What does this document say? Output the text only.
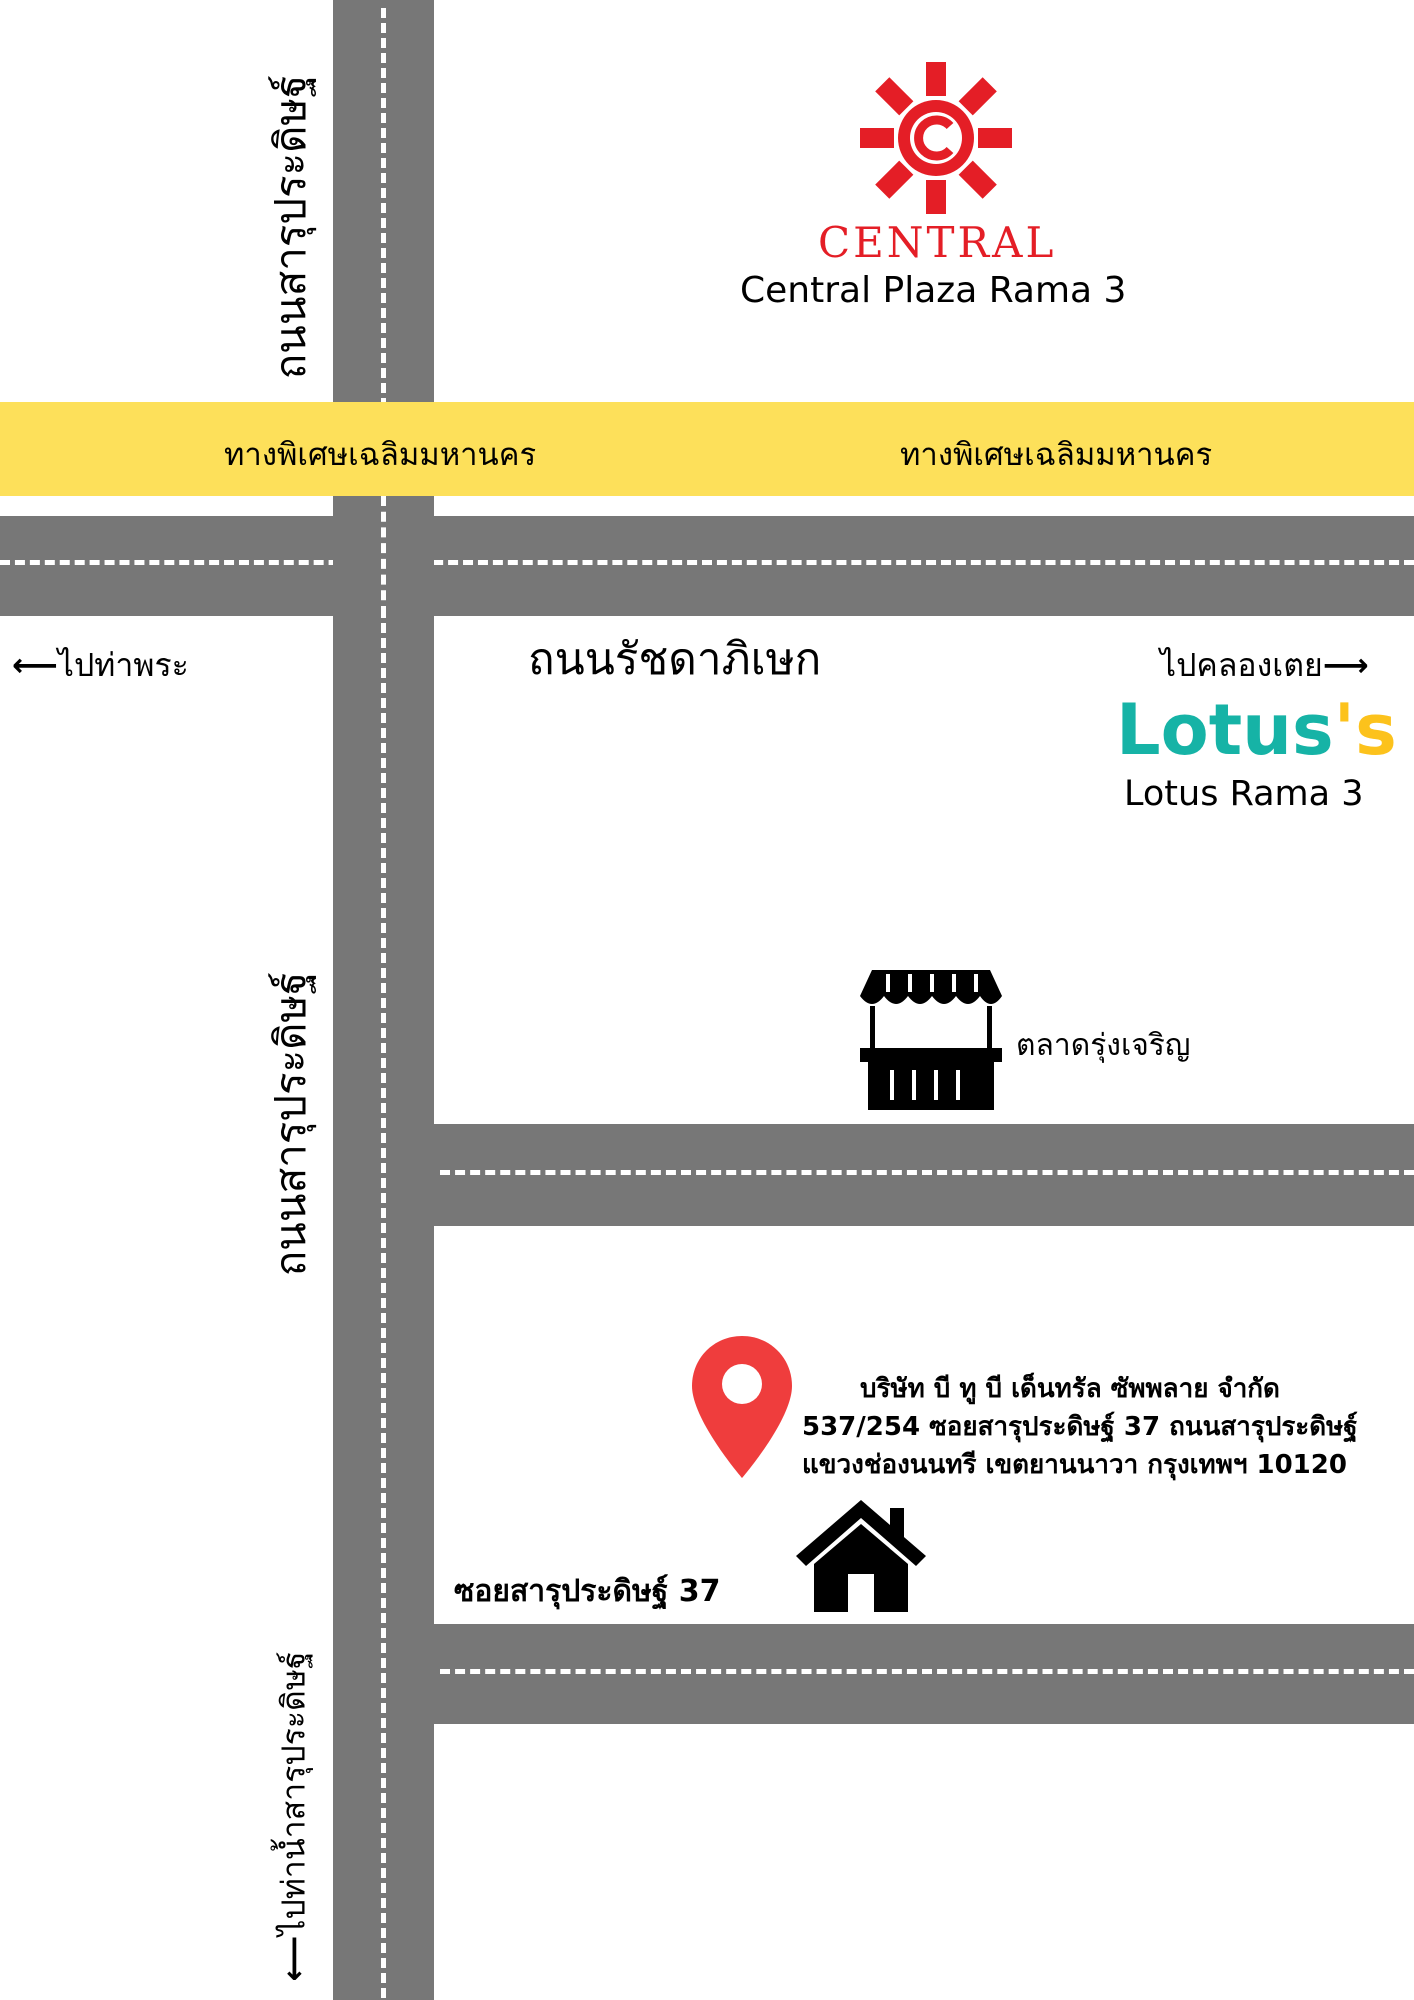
ทางพิเศษเฉลิมมหานคร	ทางพิเศษเฉลิมมหานคร
ถนนสารุประดิษฐ์
ถนนสารุประดิษฐ์
⟵ไปท่าน้ำสารุประดิษฐ์
CENTRAL
Central Plaza Rama 3
⟵ไปท่าพระ	ถนนรัชดาภิเษก	ไปคลองเตย⟶
Lotus's
Lotus Rama 3
ตลาดรุ่งเจริญ
บริษัท บี ทู บี เด็นทรัล ซัพพลาย จำกัด
537/254 ซอยสารุประดิษฐ์ 37 ถนนสารุประดิษฐ์
แขวงช่องนนทรี เขตยานนาวา กรุงเทพฯ 10120
ซอยสารุประดิษฐ์ 37
